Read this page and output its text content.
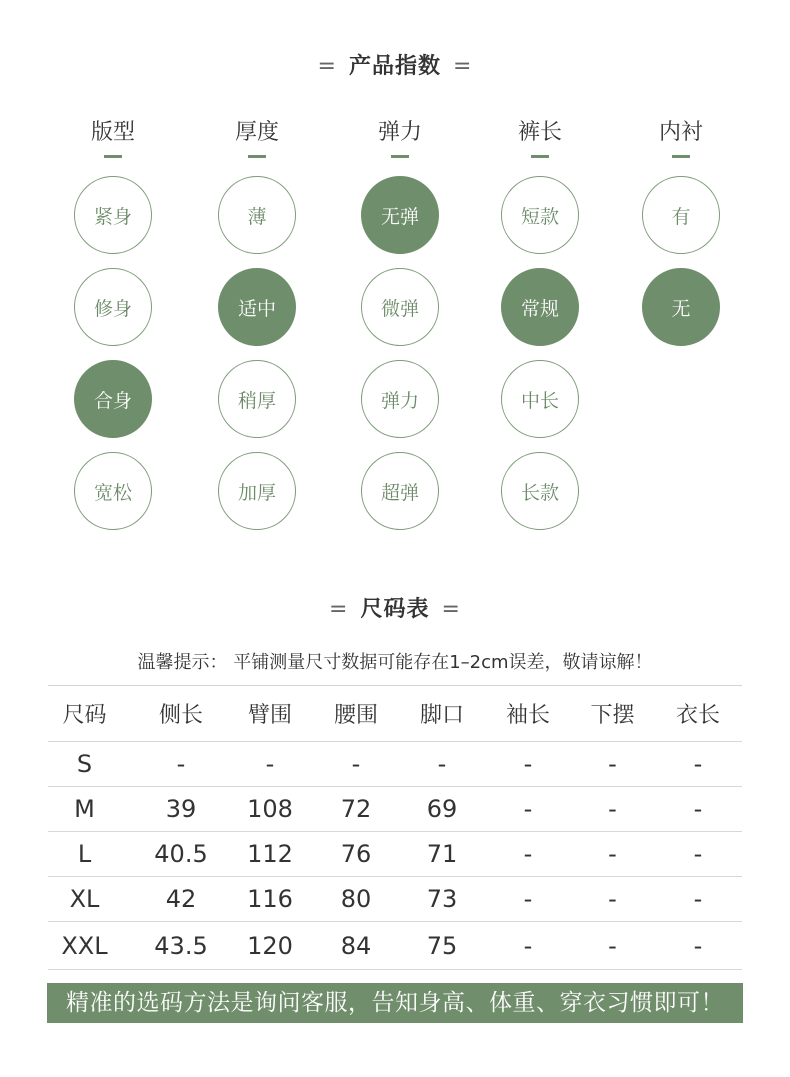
= 产品指数 =
版型
紧身
修身
合身
宽松
厚度
薄
适中
稍厚
加厚
弹力
无弹
微弹
弹力
超弹
裤长
短款
常规
中长
长款
内衬
有
无
= 尺码表 =
温馨提示： 平铺测量尺寸数据可能存在1–2cm误差，敬请谅解！
尺码	侧长	臂围	腰围	脚口	袖长	下摆	衣长
S	-	-	-	-	-	-	-
M	39	108	72	69	-	-	-
L	40.5	112	76	71	-	-	-
XL	42	116	80	73	-	-	-
XXL	43.5	120	84	75	-	-	-
精准的选码方法是询问客服，告知身高、体重、穿衣习惯即可！
